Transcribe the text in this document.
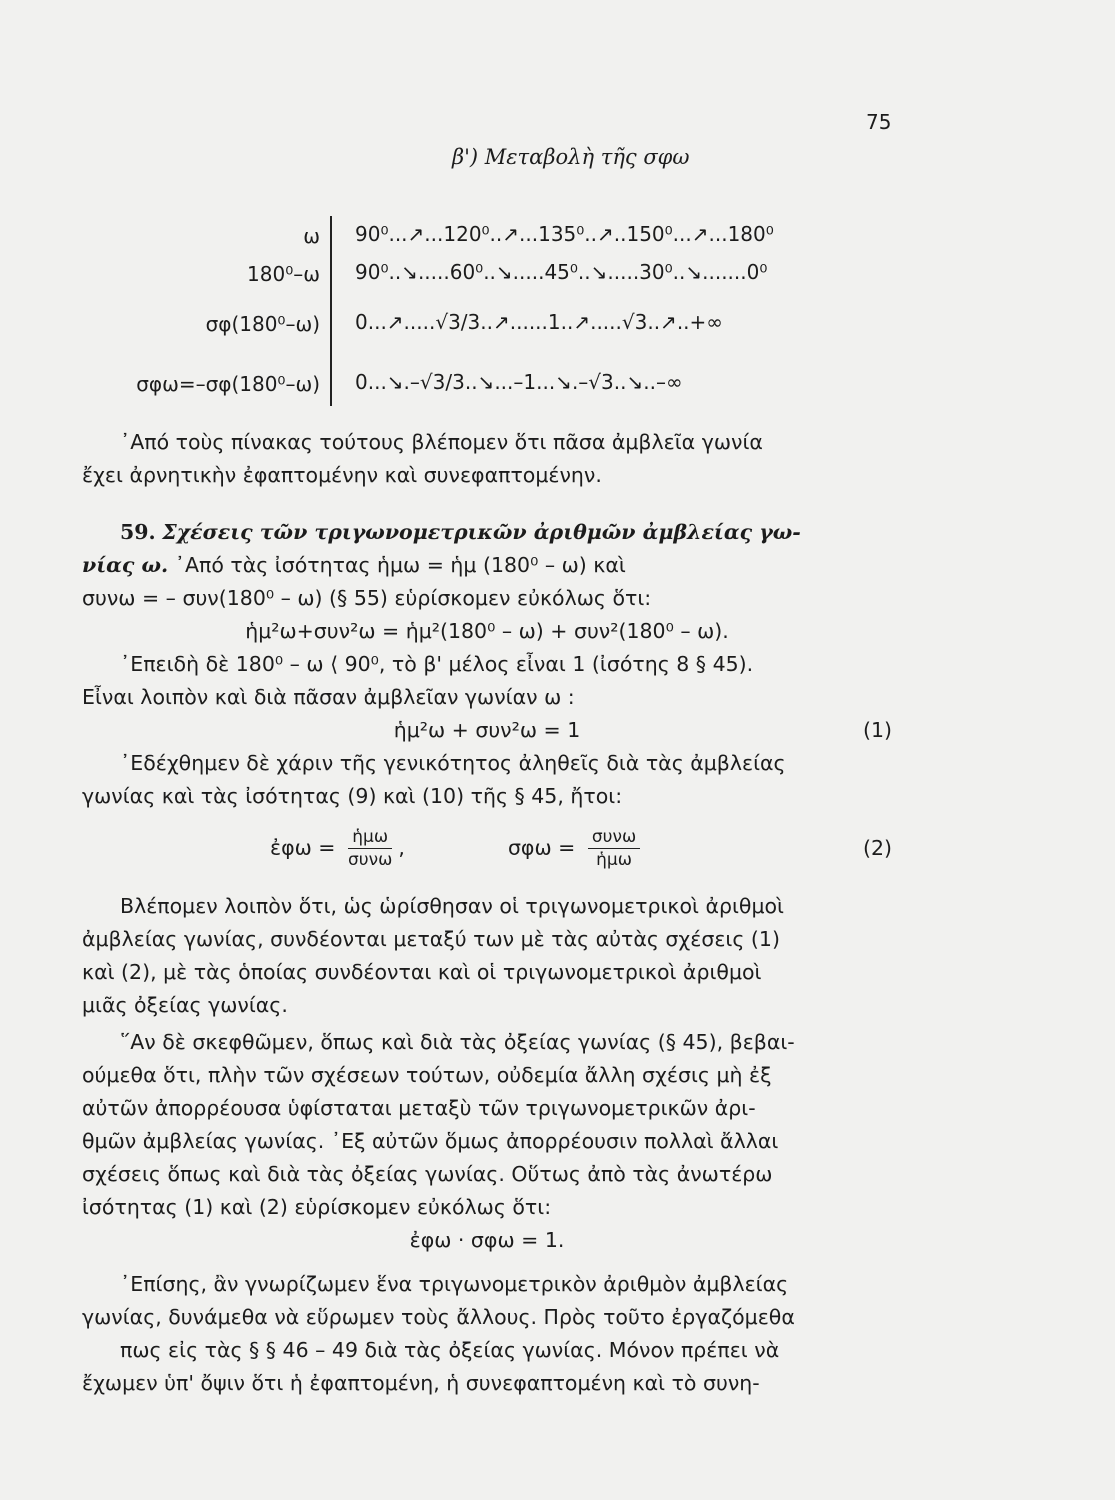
75
β') Μεταβολὴ τῆς σφω
ω 90⁰...↗...120⁰..↗...135⁰..↗..150⁰...↗...180⁰
180⁰–ω 90⁰..↘.....60⁰..↘.....45⁰..↘.....30⁰..↘.......0⁰
σφ(180⁰–ω) 0...↗.....√3/3..↗......1..↗.....√3..↗..+∞
σφω=–σφ(180⁰–ω) 0...↘.–√3/3..↘...–1...↘.–√3..↘..–∞
᾿Από τοὺς πίνακας τούτους βλέπομεν ὅτι πᾶσα ἀμβλεῖα γωνία
ἔχει ἀρνητικὴν ἐφαπτομένην καὶ συνεφαπτομένην.
59. Σχέσεις τῶν τριγωνομετρικῶν ἀριθμῶν ἀμβλείας γω-
νίας ω. ᾿Από τὰς ἰσότητας ἡμω = ἡμ (180⁰ – ω) καὶ
συνω = – συν(180⁰ – ω) (§ 55) εὑρίσκομεν εὐκόλως ὅτι:
ἡμ²ω+συν²ω = ἡμ²(180⁰ – ω) + συν²(180⁰ – ω).
᾿Επειδὴ δὲ 180⁰ – ω ⟨ 90⁰, τὸ β' μέλος εἶναι 1 (ἰσότης 8 § 45).
Εἶναι λοιπὸν καὶ διὰ πᾶσαν ἀμβλεῖαν γωνίαν ω :
ἡμ²ω + συν²ω = 1	(1)
᾿Εδέχθημεν δὲ χάριν τῆς γενικότητος ἀληθεῖς διὰ τὰς ἀμβλείας
γωνίας καὶ τὰς ἰσότητας (9) καὶ (10) τῆς § 45, ἤτοι:
ἐφω = $\frac{\text{ἡμω}}{\text{συνω}}$ ,	$\sigma\varphi\omega = \frac{\text{συνω}}{\text{ἡμω}}$	(2)
Βλέπομεν λοιπὸν ὅτι, ὡς ὡρίσθησαν οἱ τριγωνομετρικοὶ ἀριθμοὶ
ἀμβλείας γωνίας, συνδέονται μεταξύ των μὲ τὰς αὐτὰς σχέσεις (1)
καὶ (2), μὲ τὰς ὁποίας συνδέονται καὶ οἱ τριγωνομετρικοὶ ἀριθμοὶ
μιᾶς ὀξείας γωνίας.
῞Αν δὲ σκεφθῶμεν, ὅπως καὶ διὰ τὰς ὀξείας γωνίας (§ 45), βεβαι-
ούμεθα ὅτι, πλὴν τῶν σχέσεων τούτων, οὐδεμία ἄλλη σχέσις μὴ ἐξ
αὐτῶν ἀπορρέουσα ὑφίσταται μεταξὺ τῶν τριγωνομετρικῶν ἀρι-
θμῶν ἀμβλείας γωνίας. ᾿Εξ αὐτῶν ὅμως ἀπορρέουσιν πολλαὶ ἄλλαι
σχέσεις ὅπως καὶ διὰ τὰς ὀξείας γωνίας. Οὕτως ἀπὸ τὰς ἀνωτέρω
ἰσότητας (1) καὶ (2) εὑρίσκομεν εὐκόλως ὅτι:
ἐφω · σφω = 1.
᾿Επίσης, ἂν γνωρίζωμεν ἕνα τριγωνομετρικὸν ἀριθμὸν ἀμβλείας
γωνίας, δυνάμεθα νὰ εὕρωμεν τοὺς ἄλλους. Πρὸς τοῦτο ἐργαζόμεθα
πως εἰς τὰς § § 46 – 49 διὰ τὰς ὀξείας γωνίας. Μόνον πρέπει νὰ
ἔχωμεν ὑπ' ὄψιν ὅτι ἡ ἐφαπτομένη, ἡ συνεφαπτομένη καὶ τὸ συνη-
